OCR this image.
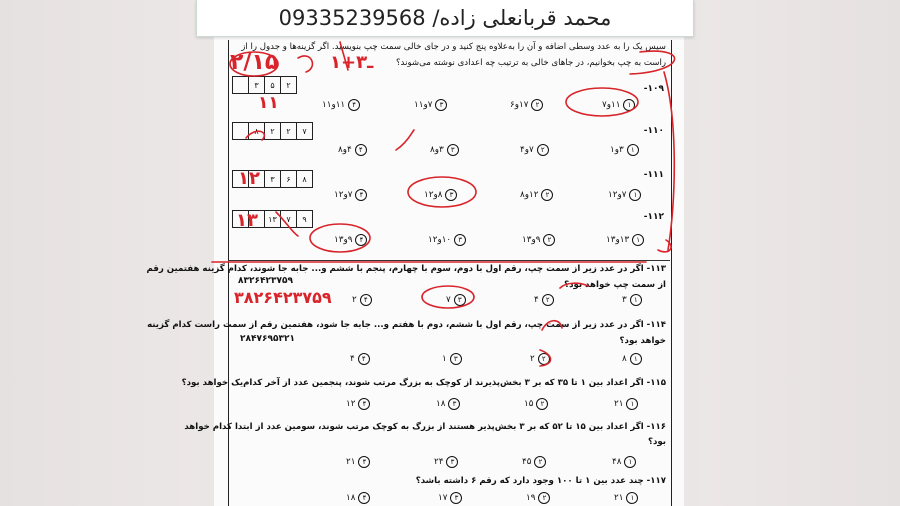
محمد قربانعلی زاده/ 09335239568
سپس یک را به عدد وسطی اضافه و آن را به‌علاوه پنج کنید و در جای خالی سمت چپ بنویسید. اگر گزینه‌ها و جدول را از
راست به چپ بخوانیم، در جاهای خالی به ترتیب چه اعدادی نوشته می‌شوند؟
-۱۰۹
۳	۵	۲
۱
۱۱و۷
۲
۱۷و۶
۳
۷و۱۱
۴
۱۱و۱۱
-۱۱۰
۸	۲	۲	۷
۱
۳و۱
۲
۷و۴
۳
۳و۸
۴
۴و۸
-۱۱۱
۳	۶	۸
۱
۷و۱۲
۲
۱۲و۸
۳
۸و۱۲
۴
۷و۱۲
-۱۱۲
۱۳	۷	۹
۱
۱۳و۱۳
۲
۹و۱۳
۳
۱۰و۱۲
۴
۹و۱۳
۱۱۳- اگر در عدد زیر از سمت چپ، رقم اول با دوم، سوم با چهارم، پنجم با ششم و... جابه جا شوند، کدام گزینه هفتمین رقم
از سمت چپ خواهد بود؟
۸۳۲۶۴۲۳۷۵۹
۱
۳
۲
۴
۳
۷
۴
۲
۱۱۴- اگر در عدد زیر از سمت چپ، رقم اول با ششم، دوم با هفتم و... جابه جا شود، هفتمین رقم از سمت راست کدام گزینه
خواهد بود؟
۲۸۴۷۶۹۵۳۲۱
۱
۸
۲
۲
۳
۱
۴
۴
۱۱۵- اگر اعداد بین ۱ تا ۳۵ که بر ۳ بخش‌پذیرند از کوچک به بزرگ مرتب شوند، پنجمین عدد از آخر کدام‌یک خواهد بود؟
۱
۲۱
۲
۱۵
۳
۱۸
۴
۱۲
۱۱۶- اگر اعداد بین ۱۵ تا ۵۲ که بر ۳ بخش‌پذیر هستند از بزرگ به کوچک مرتب شوند، سومین عدد از ابتدا کدام خواهد
بود؟
۱
۴۸
۲
۴۵
۳
۲۴
۴
۲۱
۱۱۷- چند عدد بین ۱ تا ۱۰۰ وجود دارد که رقم ۶ داشته باشد؟
۱
۲۱
۲
۱۹
۳
۱۷
۴
۱۸
۲/۱۵	۱+۳ـ
۱۱
۱۲
۱۳
۳۸۲۶۴۲۳۷۵۹
